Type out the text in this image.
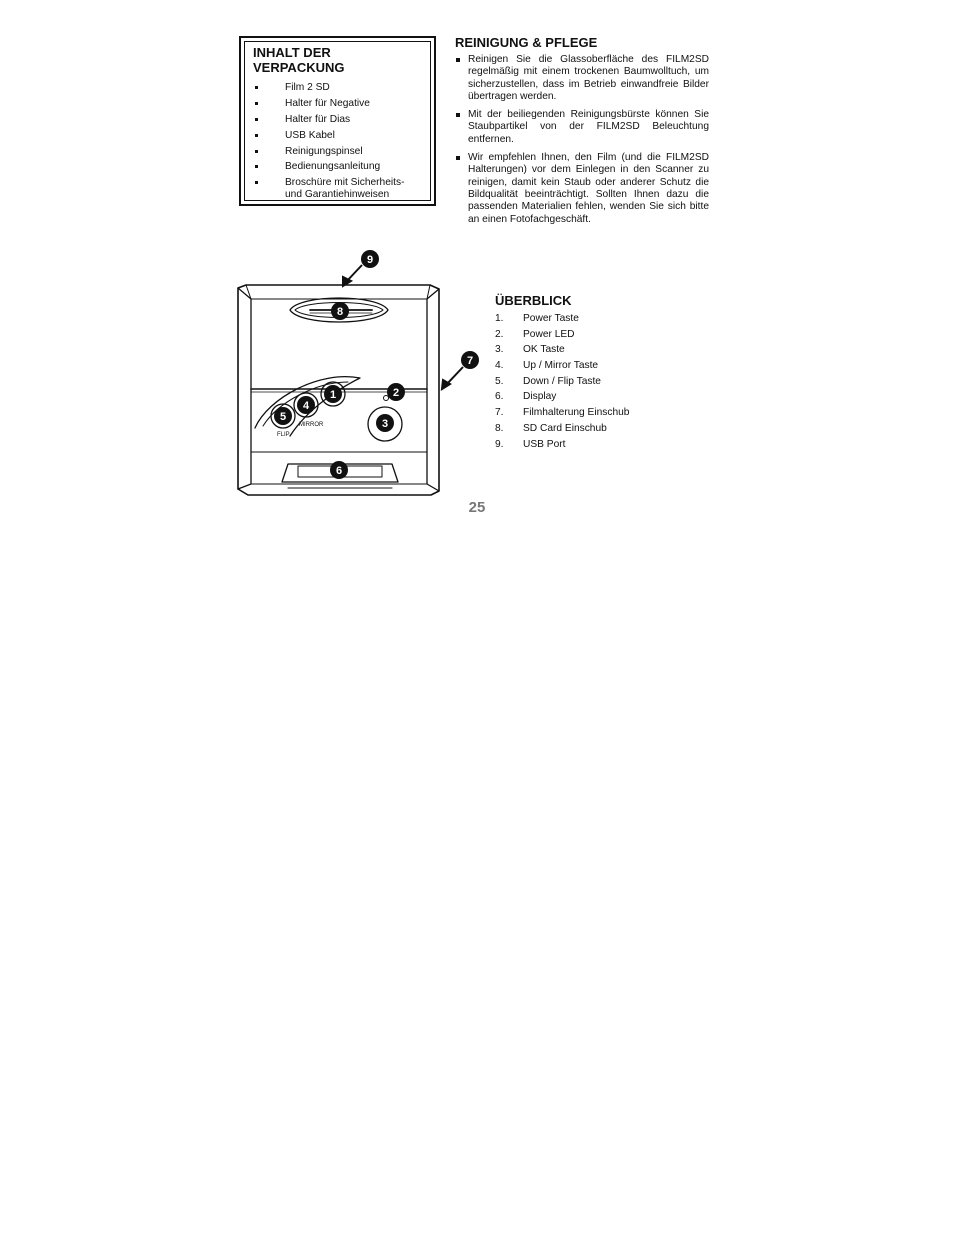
INHALT DER VERPACKUNG
Film 2 SD
Halter für Negative
Halter für Dias
USB Kabel
Reinigungspinsel
Bedienungsanleitung
Broschüre mit Sicherheits- und Garantiehinweisen
REINIGUNG & PFLEGE
Reinigen Sie die Glassoberfläche des FILM2SD regelmäßig mit einem trockenen Baumwolltuch, um sicherzustellen, dass im Betrieb einwandfreie Bilder übertragen werden.
Mit der beiliegenden Reinigungsbürste können Sie Staubpartikel von der FILM2SD Beleuchtung entfernen.
Wir empfehlen Ihnen, den Film (und die FILM2SD Halterungen) vor dem Einlegen in den Scanner zu reinigen, damit kein Staub oder anderer Schutz die Bildqualität beeinträchtigt. Sollten Ihnen dazu die passenden Materialien fehlen, wenden Sie sich bitte an einen Fotofachgeschäft.
9
7
8
2
1
4
5
3
6
MIRROR
FLIP
ÜBERBLICK
1. Power Taste
2. Power LED
3. OK Taste
4. Up / Mirror Taste
5. Down / Flip Taste
6. Display
7. Filmhalterung Einschub
8. SD Card Einschub
9. USB Port
25
